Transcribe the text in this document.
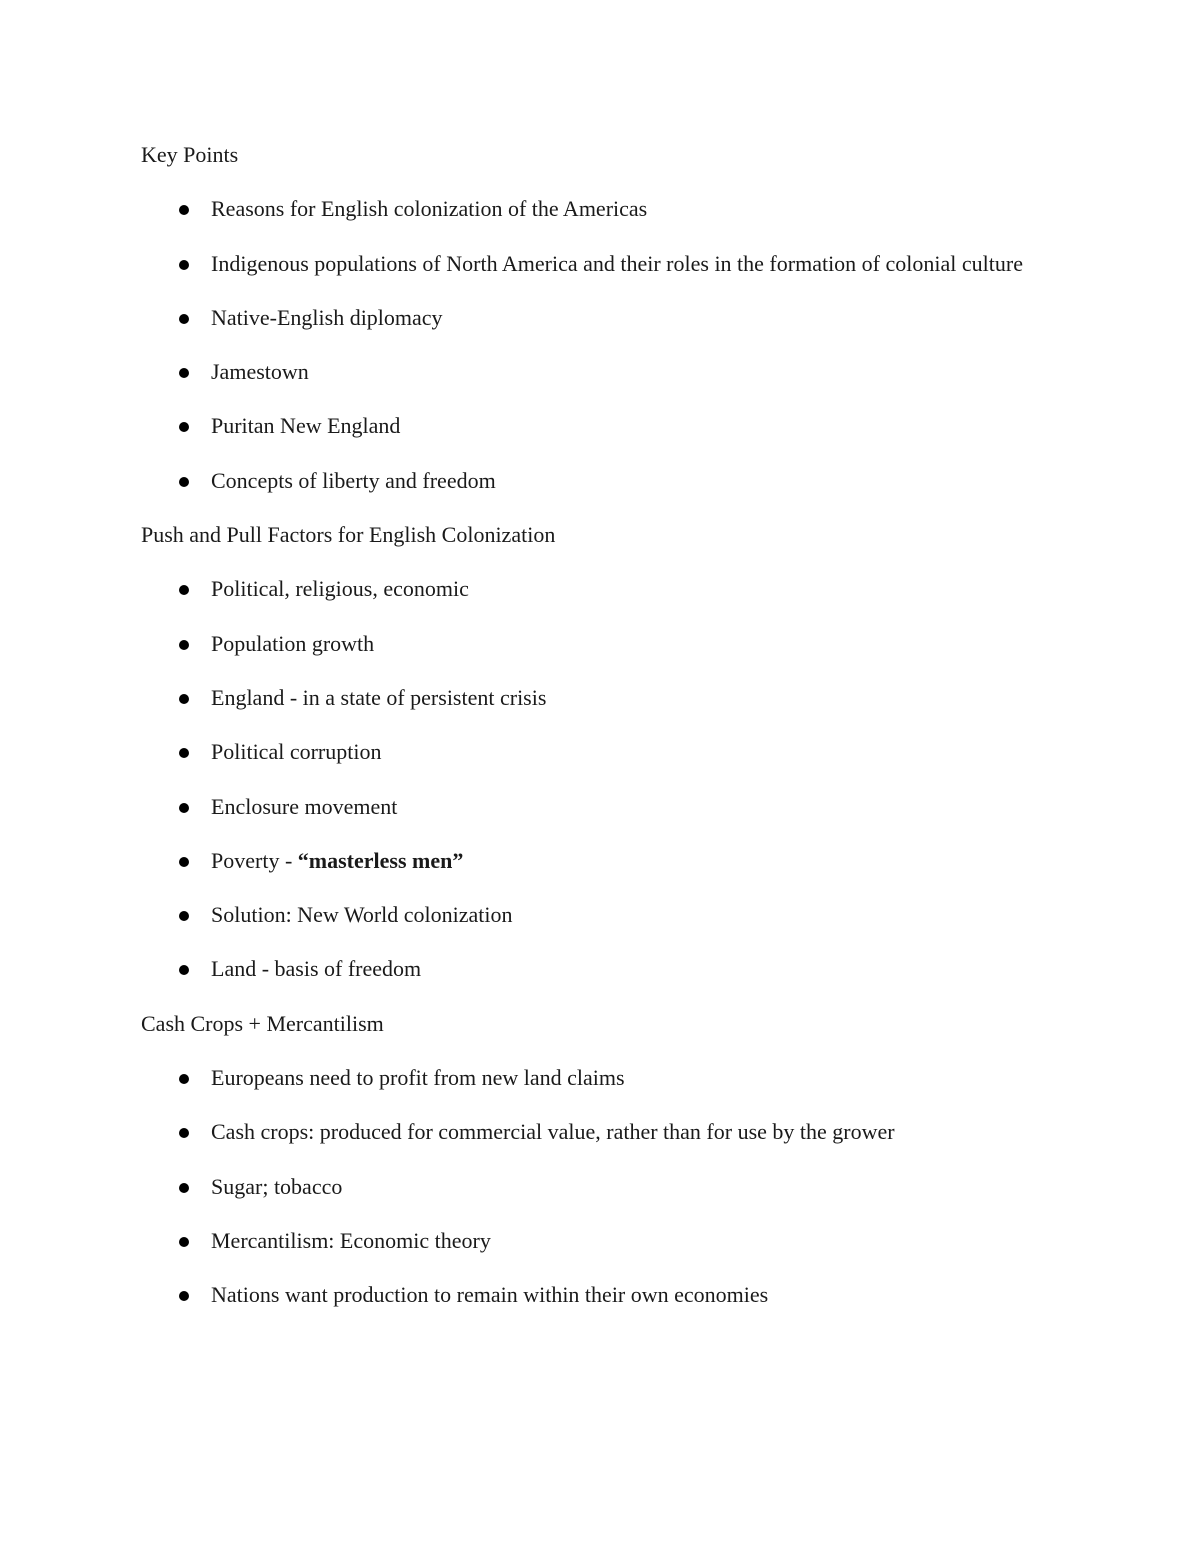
Key Points

Reasons for English colonization of the Americas
Indigenous populations of North America and their roles in the formation of colonial culture
Native-English diplomacy
Jamestown
Puritan New England
Concepts of liberty and freedom

Push and Pull Factors for English Colonization

Political, religious, economic
Population growth
England - in a state of persistent crisis
Political corruption
Enclosure movement
Poverty - “masterless men”
Solution: New World colonization
Land - basis of freedom

Cash Crops + Mercantilism

Europeans need to profit from new land claims
Cash crops: produced for commercial value, rather than for use by the grower
Sugar; tobacco
Mercantilism: Economic theory
Nations want production to remain within their own economies
